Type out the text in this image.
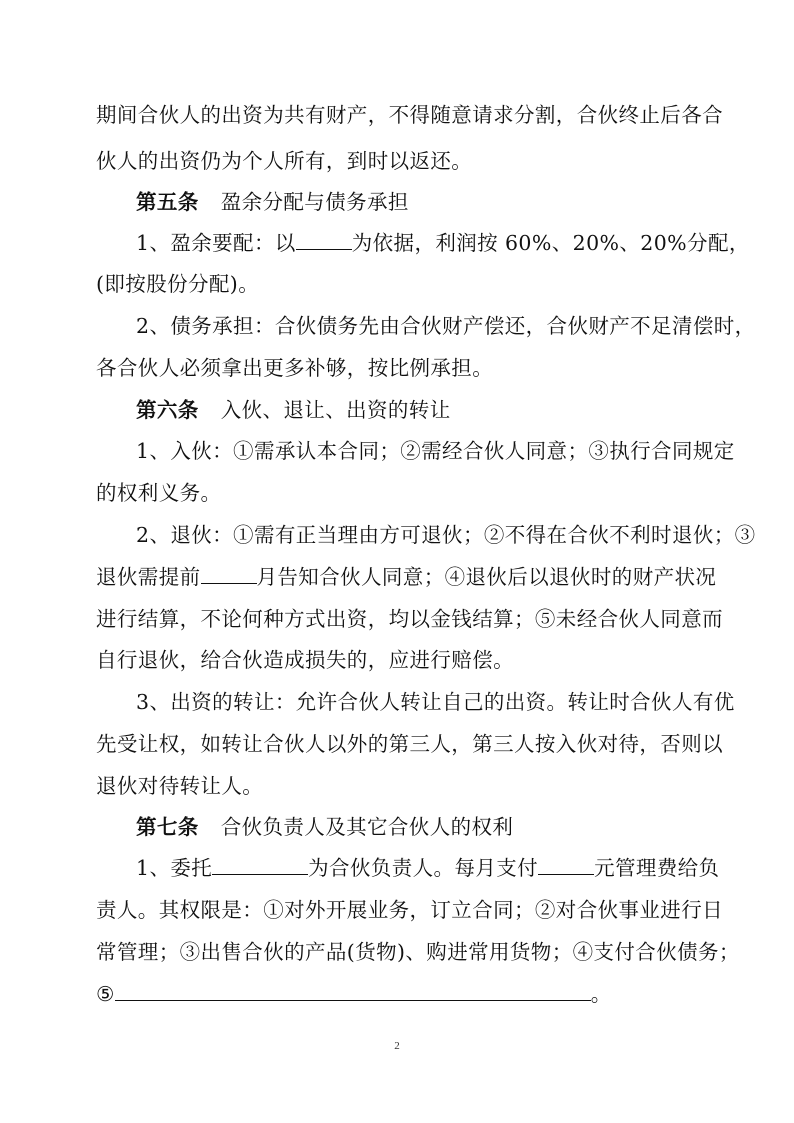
期间合伙人的出资为共有财产，不得随意请求分割，合伙终止后各合
伙人的出资仍为个人所有，到时以返还。
第五条 盈余分配与债务承担
1、盈余要配：以	为依据，利润按 60%、20%、20%分配，
(即按股份分配)。
2、债务承担：合伙债务先由合伙财产偿还，合伙财产不足清偿时，
各合伙人必须拿出更多补够，按比例承担。
第六条 入伙、退让、出资的转让
1、入伙：①需承认本合同；②需经合伙人同意；③执行合同规定
的权利义务。
2、退伙：①需有正当理由方可退伙；②不得在合伙不利时退伙；③
退伙需提前	月告知合伙人同意；④退伙后以退伙时的财产状况
进行结算，不论何种方式出资，均以金钱结算；⑤未经合伙人同意而
自行退伙，给合伙造成损失的，应进行赔偿。
3、出资的转让：允许合伙人转让自己的出资。转让时合伙人有优
先受让权，如转让合伙人以外的第三人，第三人按入伙对待，否则以
退伙对待转让人。
第七条 合伙负责人及其它合伙人的权利
1、委托	为合伙负责人。每月支付	元管理费给负
责人。其权限是：①对外开展业务，订立合同；②对合伙事业进行日
常管理；③出售合伙的产品(货物)、购进常用货物；④支付合伙债务；
⑤	。
2
